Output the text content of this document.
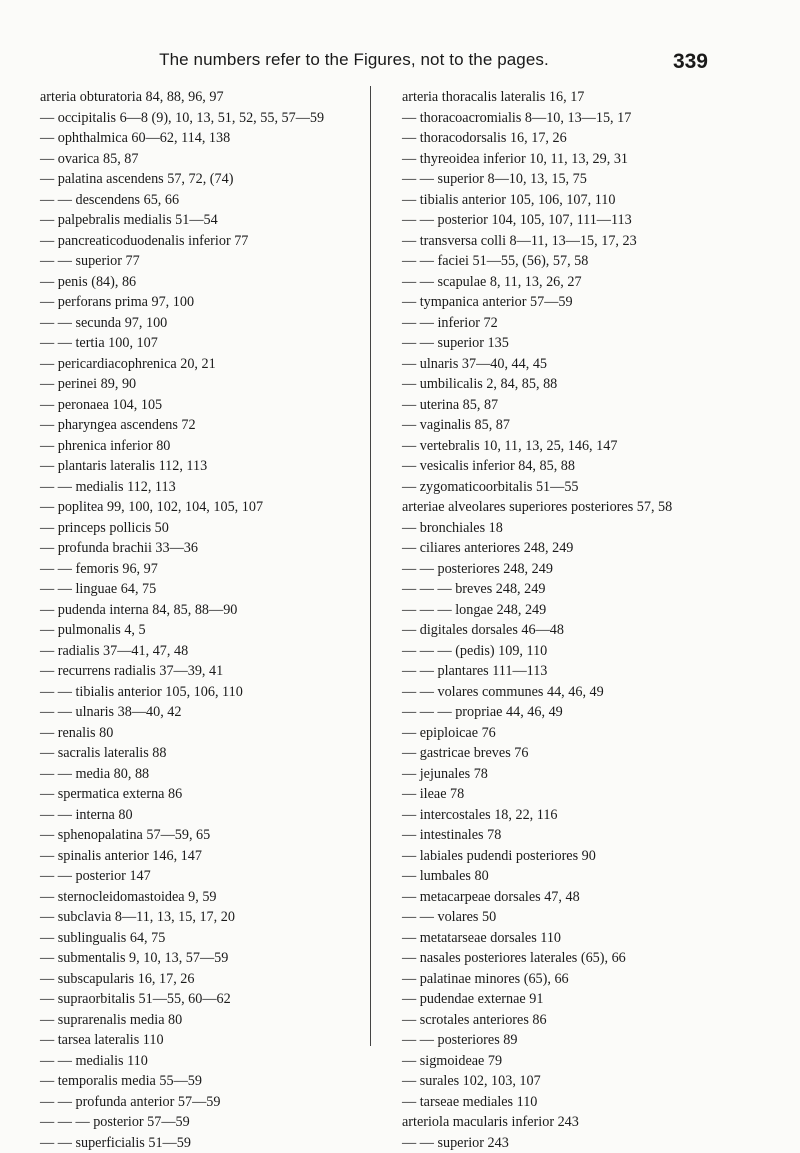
The numbers refer to the Figures, not to the pages.	339
arteria obturatoria 84, 88, 96, 97
— occipitalis 6—8 (9), 10, 13, 51, 52, 55, 57—59
— ophthalmica 60—62, 114, 138
— ovarica 85, 87
— palatina ascendens 57, 72, (74)
— — descendens 65, 66
— palpebralis medialis 51—54
— pancreaticoduodenalis inferior 77
— — superior 77
— penis (84), 86
— perforans prima 97, 100
— — secunda 97, 100
— — tertia 100, 107
— pericardiacophrenica 20, 21
— perinei 89, 90
— peronaea 104, 105
— pharyngea ascendens 72
— phrenica inferior 80
— plantaris lateralis 112, 113
— — medialis 112, 113
— poplitea 99, 100, 102, 104, 105, 107
— princeps pollicis 50
— profunda brachii 33—36
— — femoris 96, 97
— — linguae 64, 75
— pudenda interna 84, 85, 88—90
— pulmonalis 4, 5
— radialis 37—41, 47, 48
— recurrens radialis 37—39, 41
— — tibialis anterior 105, 106, 110
— — ulnaris 38—40, 42
— renalis 80
— sacralis lateralis 88
— — media 80, 88
— spermatica externa 86
— — interna 80
— sphenopalatina 57—59, 65
— spinalis anterior 146, 147
— — posterior 147
— sternocleidomastoidea 9, 59
— subclavia 8—11, 13, 15, 17, 20
— sublingualis 64, 75
— submentalis 9, 10, 13, 57—59
— subscapularis 16, 17, 26
— supraorbitalis 51—55, 60—62
— suprarenalis media 80
— tarsea lateralis 110
— — medialis 110
— temporalis media 55—59
— — profunda anterior 57—59
— — — posterior 57—59
— — superficialis 51—59
arteria thoracalis lateralis 16, 17
— thoracoacromialis 8—10, 13—15, 17
— thoracodorsalis 16, 17, 26
— thyreoidea inferior 10, 11, 13, 29, 31
— — superior 8—10, 13, 15, 75
— tibialis anterior 105, 106, 107, 110
— — posterior 104, 105, 107, 111—113
— transversa colli 8—11, 13—15, 17, 23
— — faciei 51—55, (56), 57, 58
— — scapulae 8, 11, 13, 26, 27
— tympanica anterior 57—59
— — inferior 72
— — superior 135
— ulnaris 37—40, 44, 45
— umbilicalis 2, 84, 85, 88
— uterina 85, 87
— vaginalis 85, 87
— vertebralis 10, 11, 13, 25, 146, 147
— vesicalis inferior 84, 85, 88
— zygomaticoorbitalis 51—55
arteriae alveolares superiores posteriores 57, 58
— bronchiales 18
— ciliares anteriores 248, 249
— — posteriores 248, 249
— — — breves 248, 249
— — — longae 248, 249
— digitales dorsales 46—48
— — — (pedis) 109, 110
— — plantares 111—113
— — volares communes 44, 46, 49
— — — propriae 44, 46, 49
— epiploicae 76
— gastricae breves 76
— jejunales 78
— ileae 78
— intercostales 18, 22, 116
— intestinales 78
— labiales pudendi posteriores 90
— lumbales 80
— metacarpeae dorsales 47, 48
— — volares 50
— metatarseae dorsales 110
— nasales posteriores laterales (65), 66
— palatinae minores (65), 66
— pudendae externae 91
— scrotales anteriores 86
— — posteriores 89
— sigmoideae 79
— surales 102, 103, 107
— tarseae mediales 110
arteriola macularis inferior 243
— — superior 243
